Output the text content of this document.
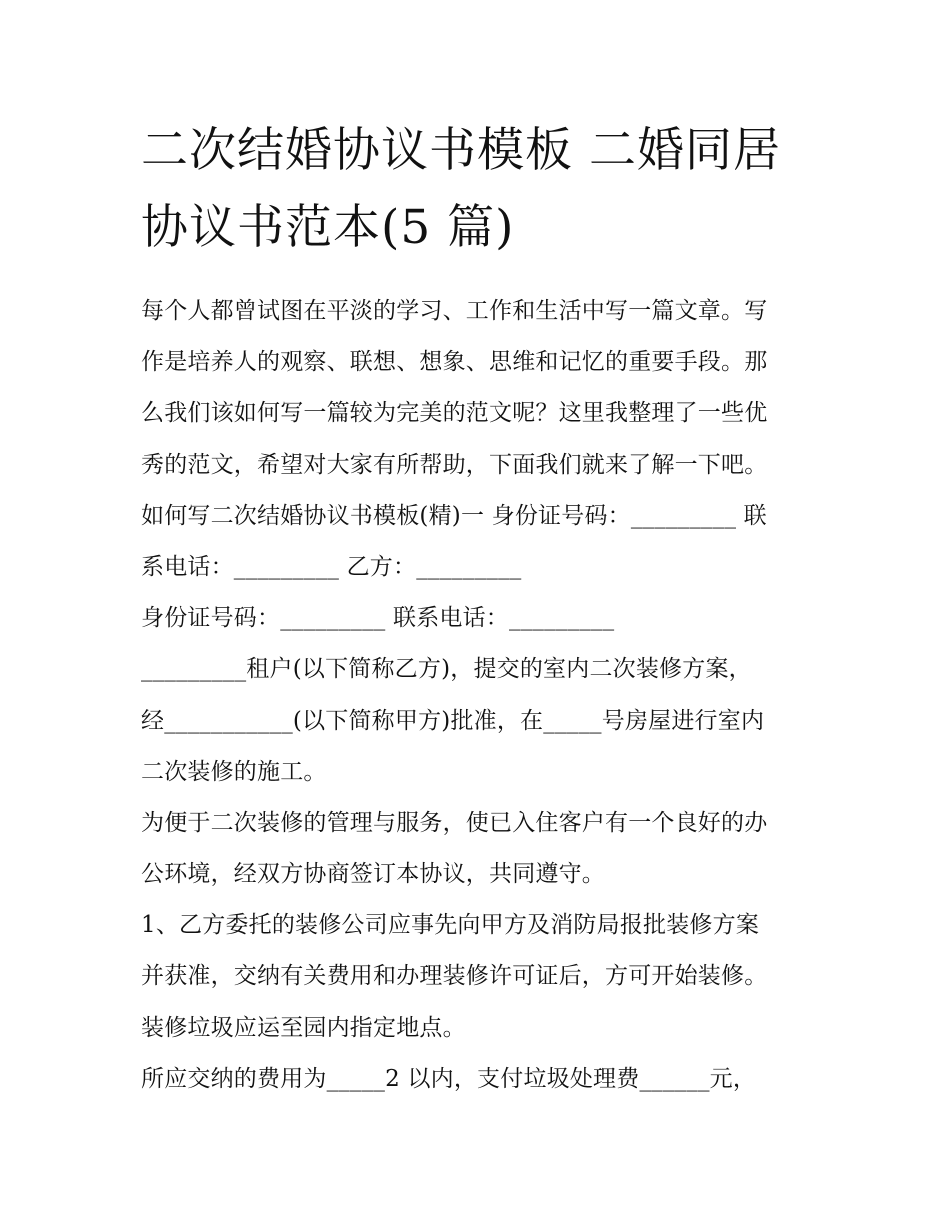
二次结婚协议书模板 二婚同居
协议书范本(5 篇)
每个人都曾试图在平淡的学习、工作和生活中写一篇文章。写
作是培养人的观察、联想、想象、思维和记忆的重要手段。那
么我们该如何写一篇较为完美的范文呢？这里我整理了一些优
秀的范文，希望对大家有所帮助，下面我们就来了解一下吧。
如何写二次结婚协议书模板(精)一 身份证号码：_________ 联
系电话：_________ 乙方：_________
身份证号码：_________ 联系电话：_________
_________租户(以下简称乙方)，提交的室内二次装修方案，
经___________(以下简称甲方)批准，在_____号房屋进行室内
二次装修的施工。
为便于二次装修的管理与服务，使已入住客户有一个良好的办
公环境，经双方协商签订本协议，共同遵守。
1、乙方委托的装修公司应事先向甲方及消防局报批装修方案
并获准，交纳有关费用和办理装修许可证后，方可开始装修。
装修垃圾应运至园内指定地点。
所应交纳的费用为_____2 以内，支付垃圾处理费______元，
